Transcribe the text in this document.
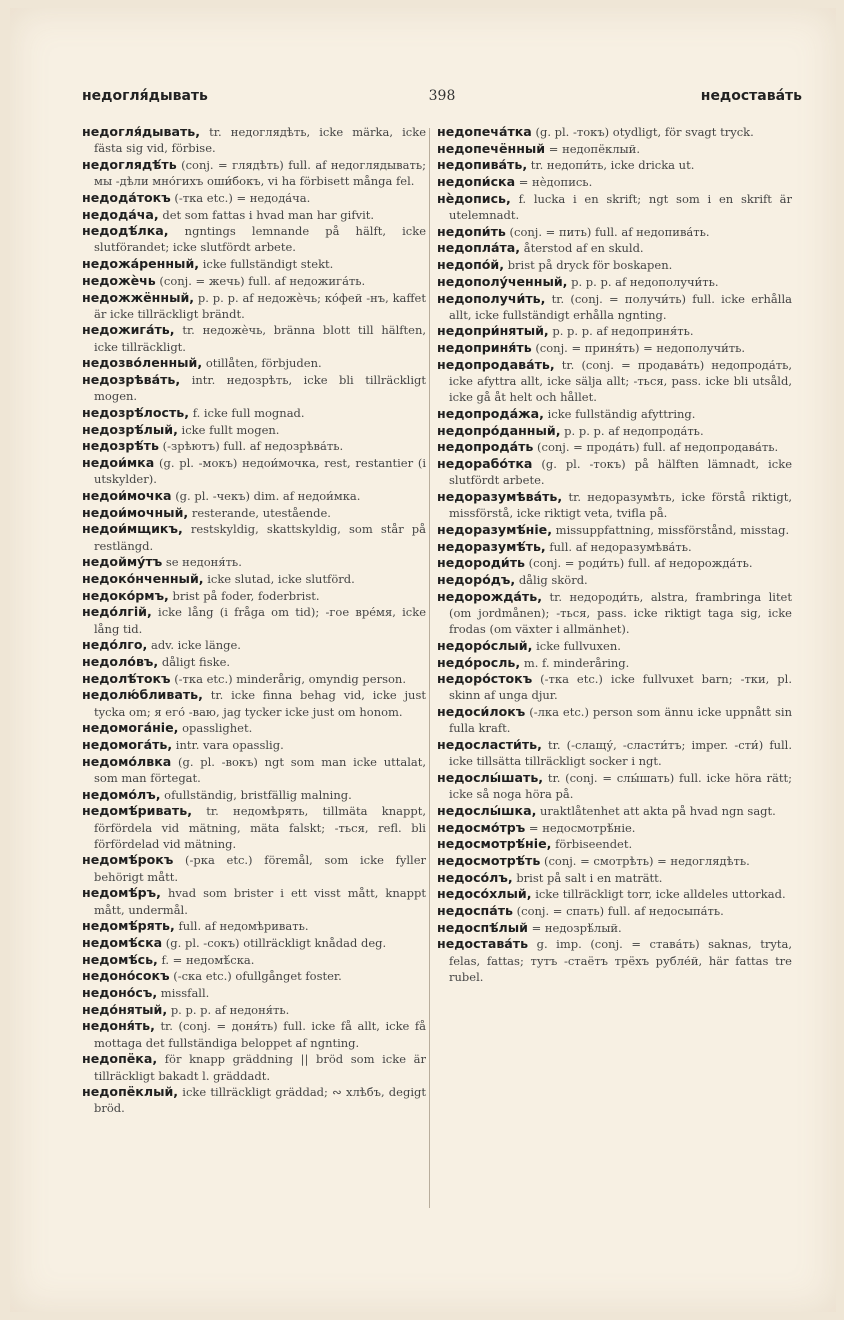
недогля́дывать	398	недостава́ть

недогля́дывать, tr. недоглядѣть, icke märka, icke fästa sig vid, förbise.

недоглядѣ́ть (conj. = глядѣть) full. af недоглядывать; мы -дѣли мно́гихъ оши́бокъ, vi ha förbisett många fel.

недода́токъ (-тка etc.) = недода́ча.

недода́ча, det som fattas i hvad man har gifvit.

недодѣ́лка, ngntings lemnande på hälft, icke slutförandet; icke slutfördt arbete.

недожа́ренный, icke fullständigt stekt.

недожѐчь (conj. = жечь) full. af недожига́ть.

недожжённый, p. p. p. af недожѐчь; ко́фей -нъ, kaffet är icke tillräckligt brändt.

недожига́ть, tr. недожѐчь, bränna blott till hälften, icke tillräckligt.

недозво́ленный, otillåten, förbjuden.

недозрѣва́ть, intr. недозрѣть, icke bli tillräckligt mogen.

недозрѣ́лость, f. icke full mognad.

недозрѣ́лый, icke fullt mogen.

недозрѣ́ть (-зрѣютъ) full. af недозрѣва́ть.

недои́мка (g. pl. -мокъ) недои́мочка, rest, restantier (i utskylder).

недои́мочка (g. pl. -чекъ) dim. af недои́мка.

недои́мочный, resterande, utestående.

недои́мщикъ, restskyldig, skattskyldig, som står på restlängd.

недойму́тъ se недоня́ть.

недоко́нченный, icke slutad, icke slutförd.

недоко́рмъ, brist på foder, foderbrist.

недо́лгій, icke lång (i fråga om tid); -гое вре́мя, icke lång tid.

недо́лго, adv. icke länge.

недоло́въ, dåligt fiske.

недолѣ́токъ (-тка etc.) minderårig, omyndig person.

недолю́бливать, tr. icke finna behag vid, icke just tycka om; я его́ -ваю, jag tycker icke just om honom.

недомога́ніе, opasslighet.

недомога́ть, intr. vara opasslig.

недомо́лвка (g. pl. -вокъ) ngt som man icke uttalat, som man förtegat.

недомо́лъ, ofullständig, bristfällig malning.

недомѣ́ривать, tr. недомѣрять, tillmäta knappt, förfördela vid mätning, mäta falskt; -ться, refl. bli förfördelad vid mätning.

недомѣ́рокъ (-рка etc.) föremål, som icke fyller behörigt mått.

недомѣ́ръ, hvad som brister i ett visst mått, knappt mått, undermål.

недомѣ́рять, full. af недомѣривать.

недомѣ́ска (g. pl. -сокъ) otillräckligt knådad deg.

недомѣ́сь, f. = недомѣ́ска.

недоно́сокъ (-ска etc.) ofullgånget foster.

недоно́съ, missfall.

недо́нятый, p. p. p. af недоня́ть.

недоня́ть, tr. (conj. = доня́ть) full. icke få allt, icke få mottaga det fullständiga beloppet af ngnting.

недопёка, för knapp gräddning || bröd som icke är tillräckligt bakadt l. gräddadt.

недопёклый, icke tillräckligt gräddad; ∾ хлѣбъ, degigt bröd.

недопеча́тка (g. pl. -токъ) otydligt, för svagt tryck.

недопечённый = недопёклый.

недопива́ть, tr. недопи́ть, icke dricka ut.

недопи́ска = нѐдопись.

нѐдопись, f. lucka i en skrift; ngt som i en skrift är utelemnadt.

недопи́ть (conj. = пить) full. af недопива́ть.

недопла́та, återstod af en skuld.

недопо́й, brist på dryck för boskapen.

недополу́ченный, p. p. p. af недополучи́ть.

недополучи́ть, tr. (conj. = получи́ть) full. icke erhålla allt, icke fullständigt erhålla ngnting.

недопри́нятый, p. p. p. af недоприня́ть.

недоприня́ть (conj. = приня́ть) = недополучи́ть.

недопродава́ть, tr. (conj. = продава́ть) недопрода́ть, icke afyttra allt, icke sälja allt; -ться, pass. icke bli utsåld, icke gå åt helt och hållet.

недопрода́жа, icke fullständig afyttring.

недопро́данный, p. p. p. af недопрода́ть.

недопрода́ть (conj. = прода́ть) full. af недопродава́ть.

недорабо́тка (g. pl. -токъ) på hälften lämnadt, icke slutfördt arbete.

недоразумѣва́ть, tr. недоразумѣть, icke förstå riktigt, missförstå, icke riktigt veta, tvifla på.

недоразумѣ́ніе, missuppfattning, missförstånd, misstag.

недоразумѣ́ть, full. af недоразумѣва́ть.

недороди́ть (conj. = роди́ть) full. af недорожда́ть.

недоро́дъ, dålig skörd.

недорожда́ть, tr. недороди́ть, alstra, frambringa litet (om jordmånen); -ться, pass. icke riktigt taga sig, icke frodas (om växter i allmänhet).

недоро́слый, icke fullvuxen.

недо́росль, m. f. minderåring.

недоро́стокъ (-тка etc.) icke fullvuxet barn; -тки, pl. skinn af unga djur.

недоси́локъ (-лка etc.) person som ännu icke uppnått sin fulla kraft.

недосласти́ть, tr. (-слащу́, -сласти́тъ; imper. -сти́) full. icke tillsätta tillräckligt socker i ngt.

недослы́шать, tr. (conj. = слы́шать) full. icke höra rätt; icke så noga höra på.

недослы́шка, uraktlåtenhet att akta på hvad ngn sagt.

недосмо́тръ = недосмотрѣ́ніе.

недосмотрѣ́ніе, förbiseendet.

недосмотрѣ́ть (conj. = смотрѣть) = недоглядѣть.

недосо́лъ, brist på salt i en maträtt.

недосо́хлый, icke tillräckligt torr, icke alldeles uttorkad.

недоспа́ть (conj. = спать) full. af недосыпа́ть.

недоспѣ́лый = недозрѣ́лый.

недостава́ть g. imp. (conj. = става́ть) saknas, tryta, felas, fattas; тутъ -стаётъ трёхъ рубле́й, här fattas tre rubel.
